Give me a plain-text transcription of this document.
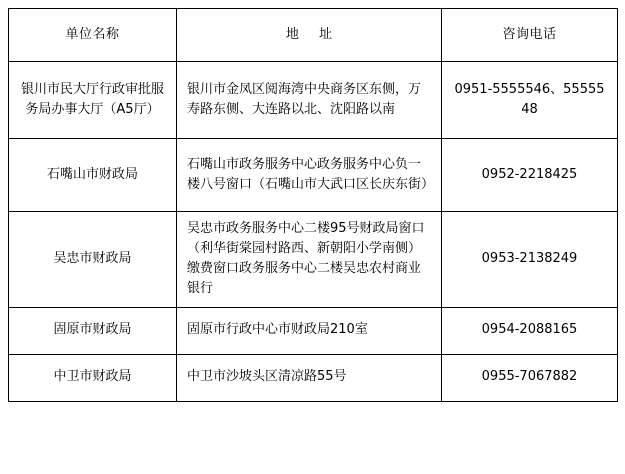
单位名称	地 址	咨询电话
银川市民大厅行政审批服务局办事大厅（A5厅）	银川市金凤区阅海湾中央商务区东侧，万寿路东侧、大连路以北、沈阳路以南	0951-5555546、5555548
石嘴山市财政局	石嘴山市政务服务中心政务服务中心负一楼八号窗口（石嘴山市大武口区长庆东街）	0952-2218425
吴忠市财政局	吴忠市政务服务中心二楼95号财政局窗口（利华街棠园村路西、新朝阳小学南侧）缴费窗口政务服务中心二楼吴忠农村商业银行	0953-2138249
固原市财政局	固原市行政中心市财政局210室	0954-2088165
中卫市财政局	中卫市沙坡头区清凉路55号	0955-7067882
